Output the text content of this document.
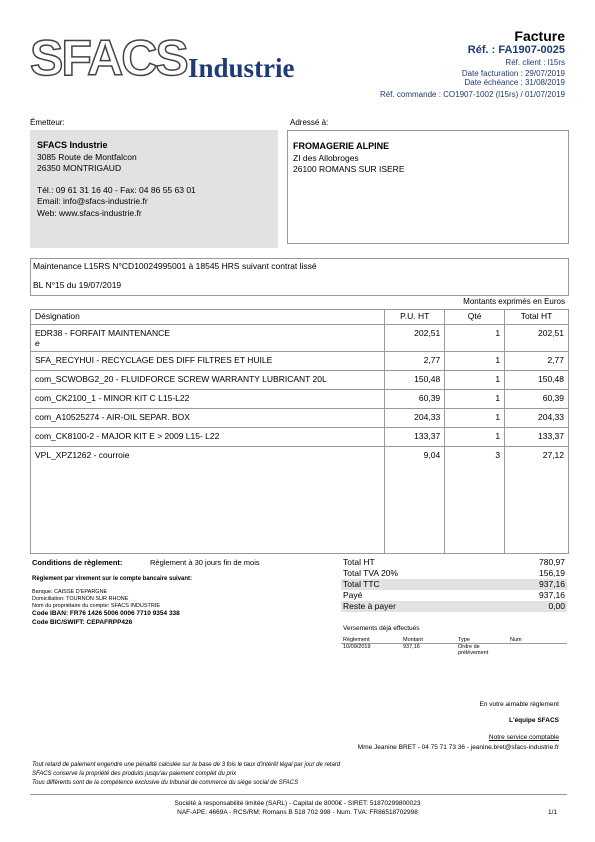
SFACS Industrie
Facture
Réf. : FA1907-0025
Réf. client : l15rs
Date facturation : 29/07/2019
Date échéance : 31/08/2019
Réf. commande : CO1907-1002 (l15rs) / 01/07/2019
Émetteur:	Adressé à:
SFACS Industrie
3085 Route de Montfalcon
26350 MONTRIGAUD
Tél.: 09 61 31 16 40 - Fax: 04 86 55 63 01
Email: info@sfacs-industrie.fr
Web: www.sfacs-industrie.fr
FROMAGERIE ALPINE
ZI des Allobroges
26100 ROMANS SUR ISERE
Maintenance L15RS N°CD10024995001 à 18545 HRS suivant contrat lissé
BL N°15 du 19/07/2019
Montants exprimés en Euros
Désignation	P.U. HT	Qté	Total HT

EDR38 - FORFAIT MAINTENANCE
e	202,51	1	202,51
SFA_RECYHUI - RECYCLAGE DES DIFF FILTRES ET HUILE	2,77	1	2,77
com_SCWOBG2_20 - FLUIDFORCE SCREW WARRANTY LUBRICANT 20L	150,48	1	150,48
com_CK2100_1 - MINOR KIT C L15-L22	60,39	1	60,39
com_A10525274 - AIR-OIL SEPAR. BOX	204,33	1	204,33
com_CK8100-2 - MAJOR KIT E > 2009 L15- L22	133,37	1	133,37
VPL_XPZ1262 - courroie	9,04	3	27,12
Conditions de règlement:	Règlement à 30 jours fin de mois
Règlement par virement sur le compte bancaire suivant:
Banque: CAISSE D'EPARGNE
Domiciliation: TOURNON SUR RHONE
Nom du propriétaire du compte: SFACS INDUSTRIE
Code IBAN: FR76 1426 5006 0006 7710 9354 338
Code BIC/SWIFT: CEPAFRPP426
Total HT	780,97
Total TVA 20%	156,19
Total TTC	937,16
Payé	937,16
Reste à payer	0,00
Versements déjà effectués
Règlement	Montant	Type	Num
10/09/2019	937,16	Ordre de prélèvement	
En votre aimable règlement
L'équipe SFACS
Notre service comptable
Mme Jeanine BRET - 04 75 71 73 36 - jeanine.bret@sfacs-industrie.fr
Tout retard de paiement engendre une pénalité calculée sur la base de 3 fois le taux d'intérêt légal par jour de retard
SFACS conserve la propriété des produits jusqu'au paiement complet du prix
Tous différents sont de la compétence exclusive du tribunal de commerce du siège social de SFACS
Société à responsabilité limitée (SARL) - Capital de 8000€ - SIRET: 51870299800023
NAF-APE: 4669A - RCS/RM: Romans B 518 702 998 - Num. TVA: FR86518702998	1/1
